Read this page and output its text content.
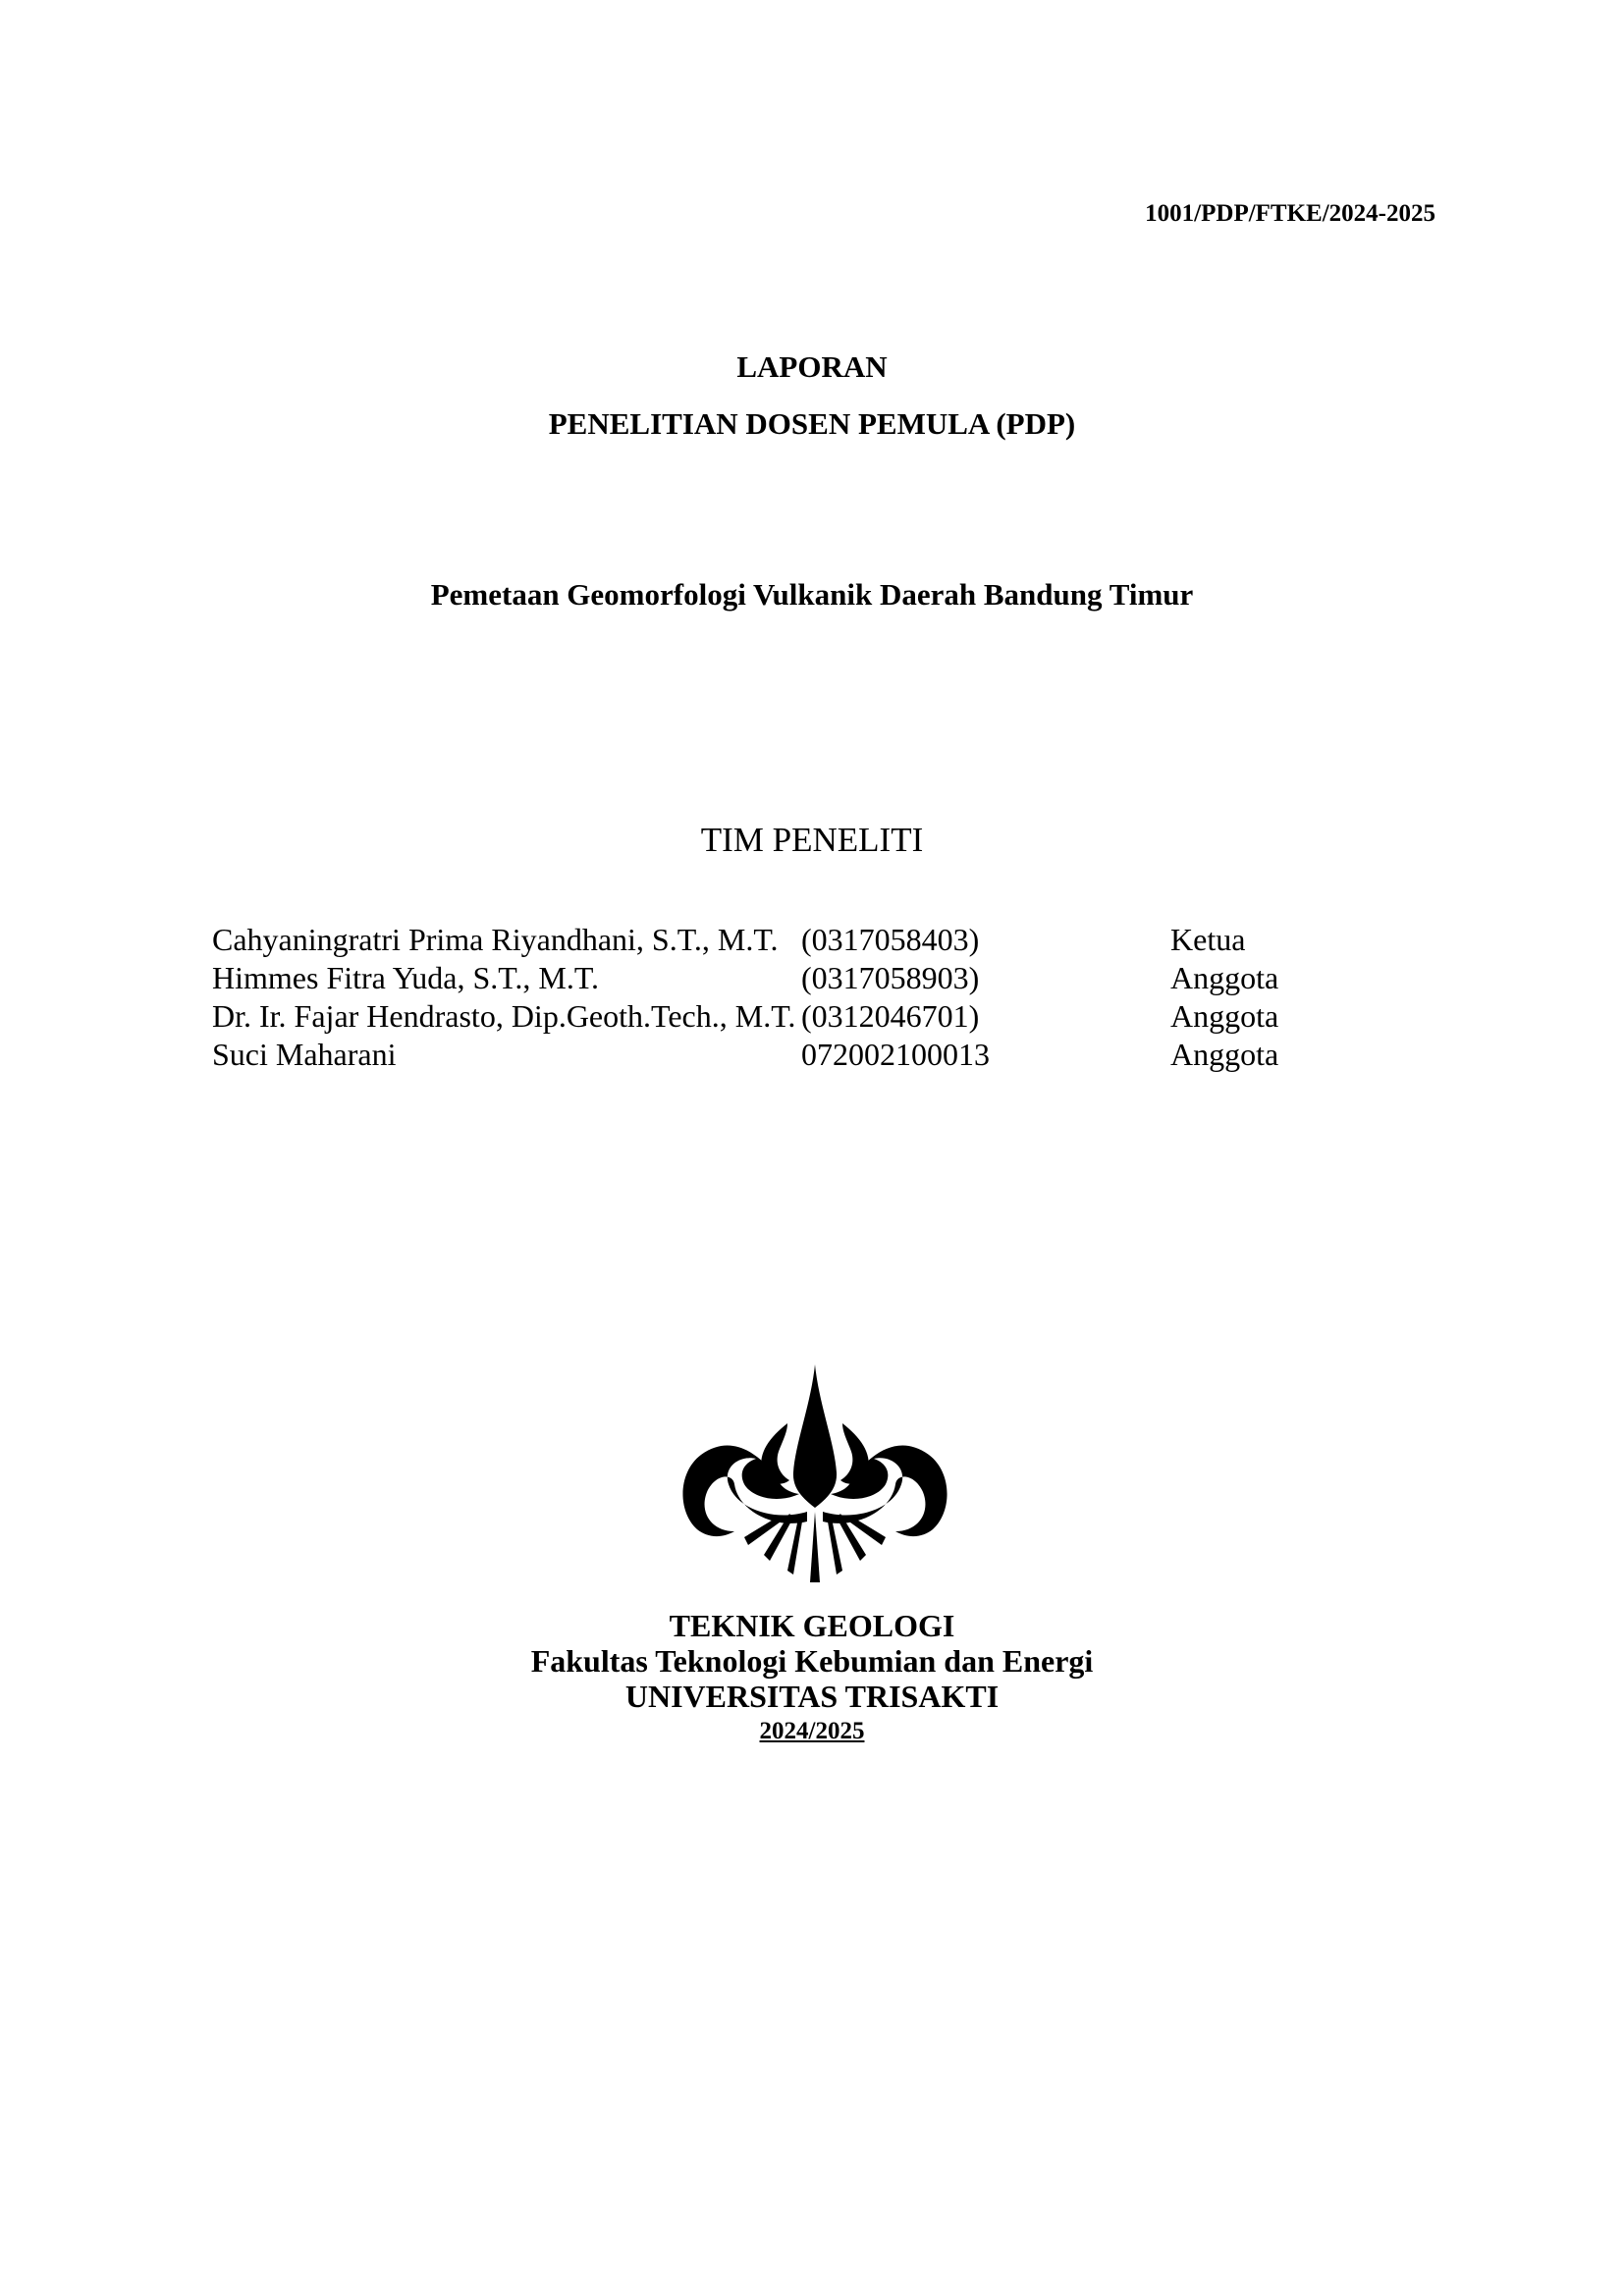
1001/PDP/FTKE/2024-2025
LAPORAN
PENELITIAN DOSEN PEMULA (PDP)
Pemetaan Geomorfologi Vulkanik Daerah Bandung Timur
TIM PENELITI
Cahyaningratri Prima Riyandhani, S.T., M.T. (0317058403)	Ketua
Himmes Fitra Yuda, S.T., M.T.	(0317058903)	Anggota
Dr. Ir. Fajar Hendrasto, Dip.Geoth.Tech., M.T. (0312046701)	Anggota
Suci Maharani	072002100013	Anggota
TEKNIK GEOLOGI
Fakultas Teknologi Kebumian dan Energi
UNIVERSITAS TRISAKTI
2024/2025
